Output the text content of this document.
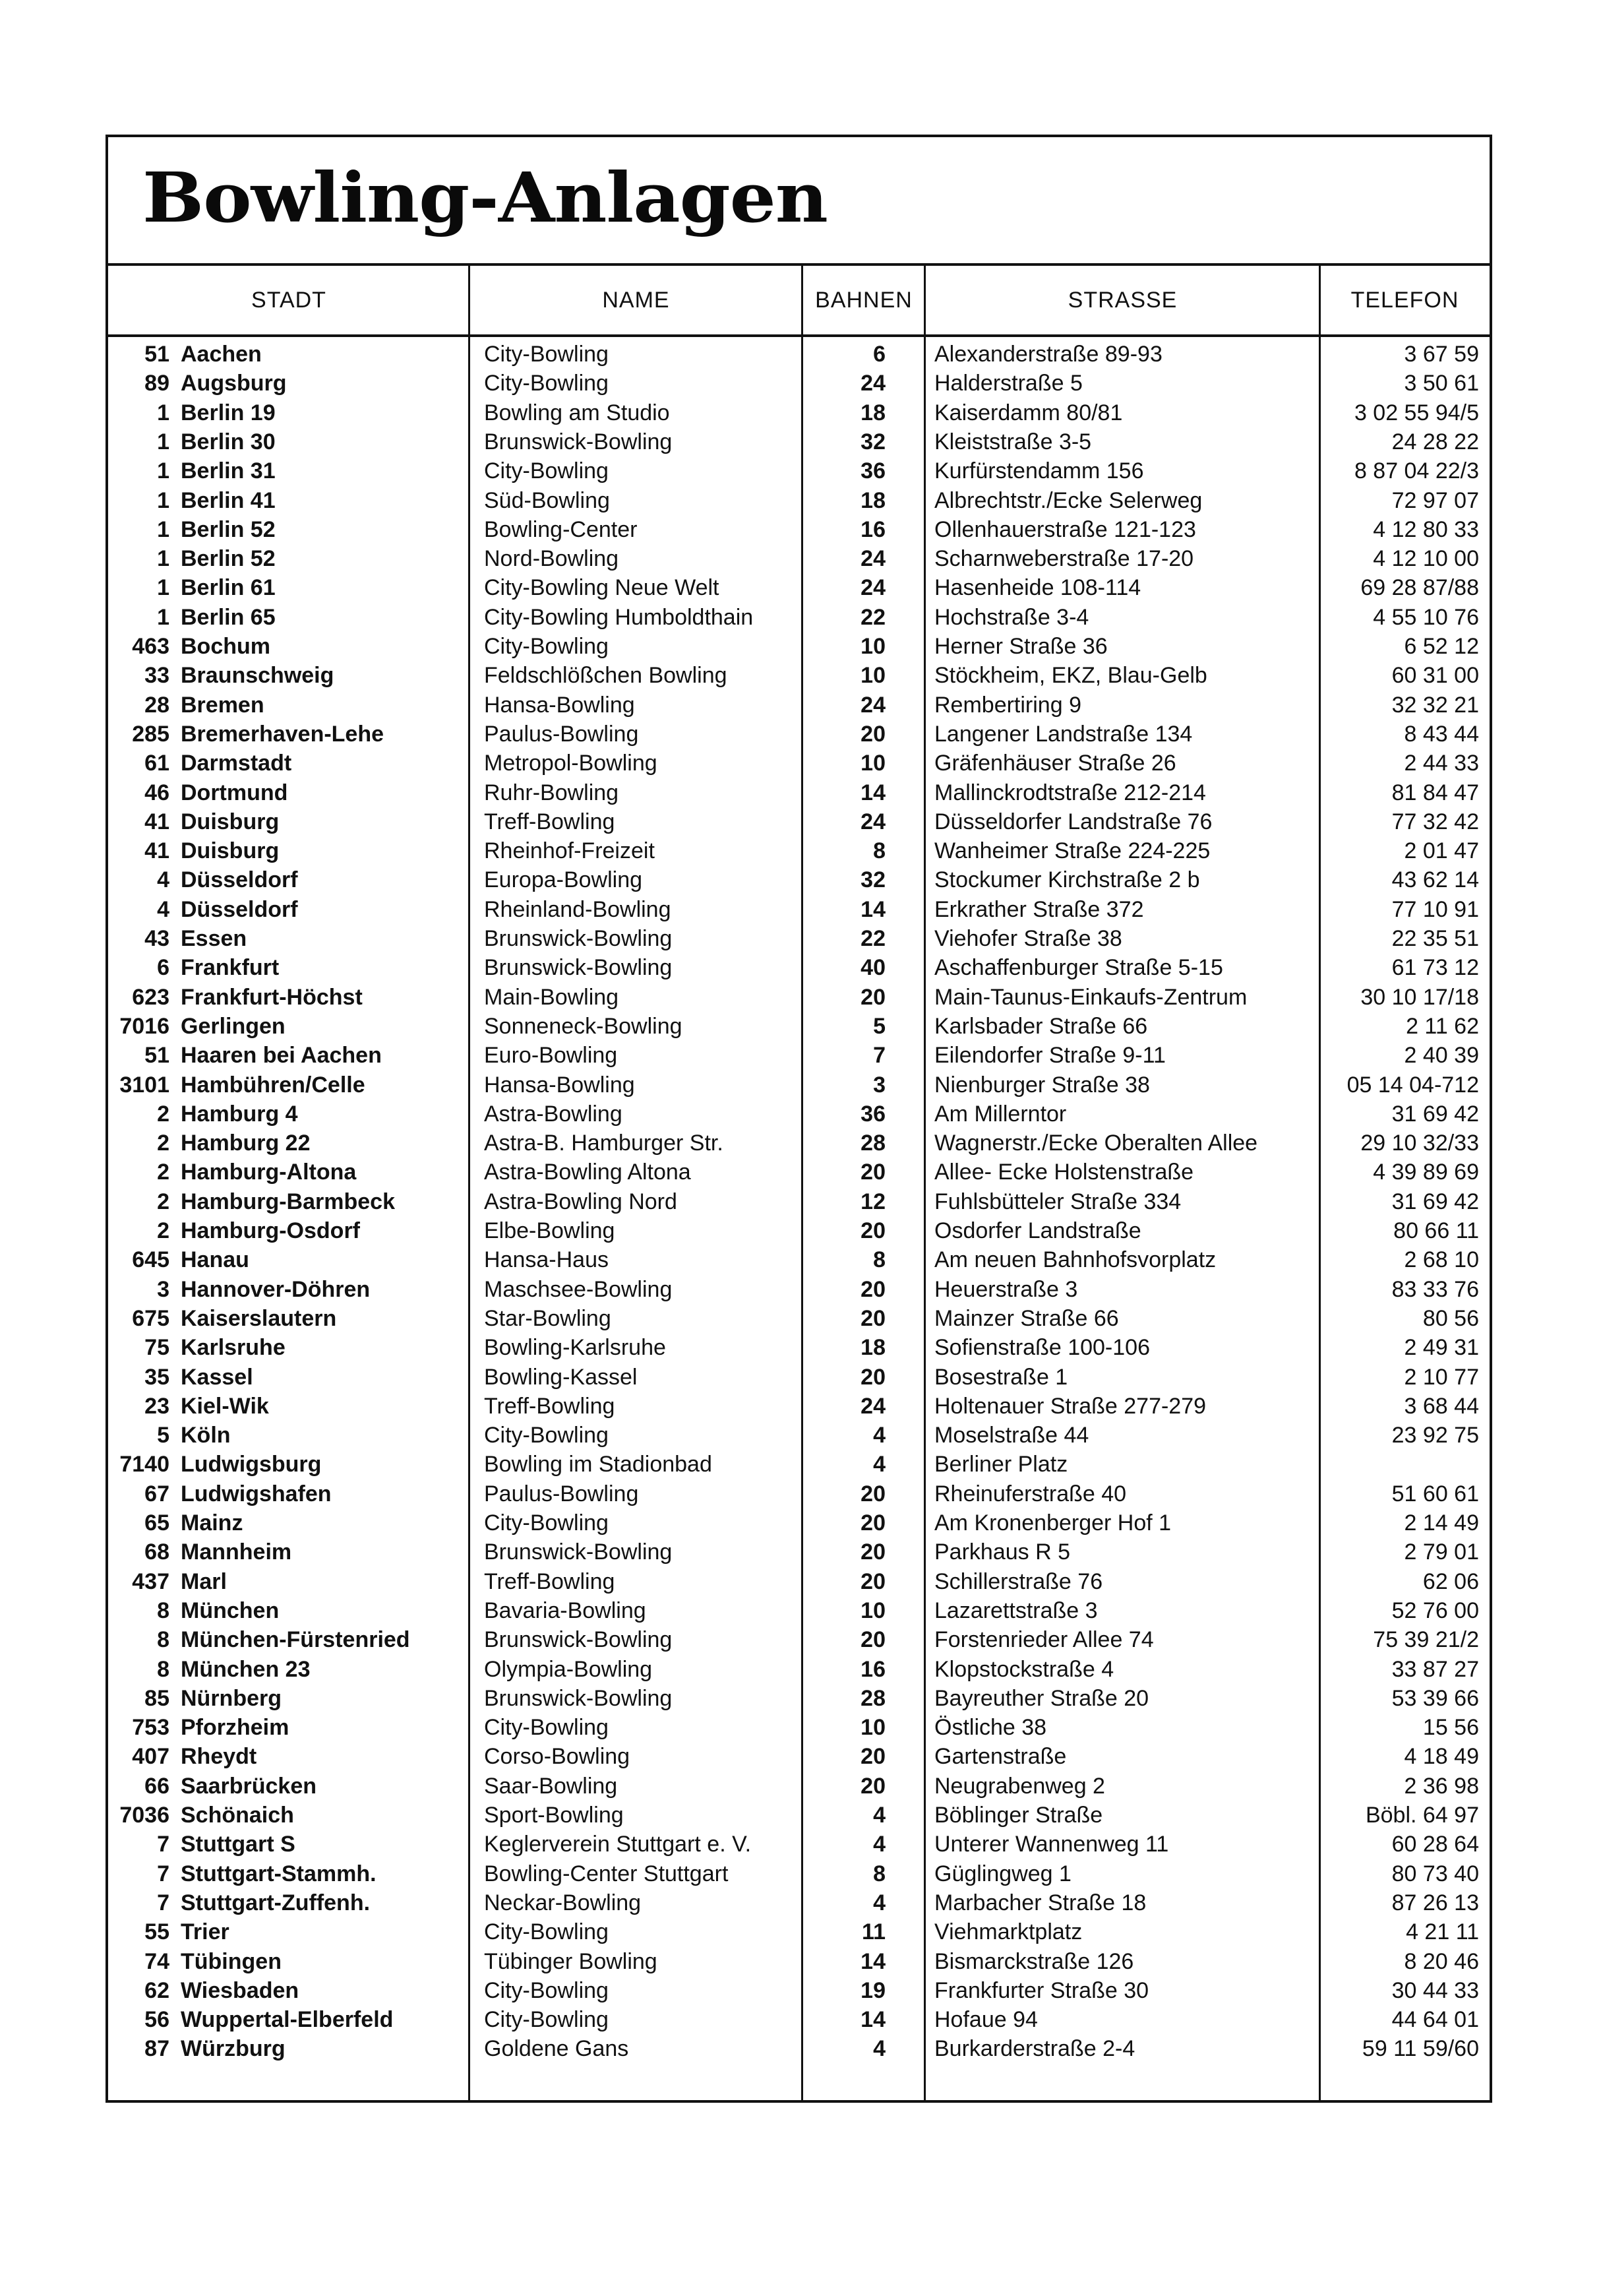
Bowling-Anlagen
STADT	NAME	BAHNEN	STRASSE	TELEFON
51 Aachen	City-Bowling	6 Alexanderstraße 89-93	3 67 59
89 Augsburg	City-Bowling	24 Halderstraße 5	3 50 61
1 Berlin 19	Bowling am Studio	18 Kaiserdamm 80/81	3 02 55 94/5
1 Berlin 30	Brunswick-Bowling	32 Kleiststraße 3-5	24 28 22
1 Berlin 31	City-Bowling	36 Kurfürstendamm 156	8 87 04 22/3
1 Berlin 41	Süd-Bowling	18 Albrechtstr./Ecke Selerweg	72 97 07
1 Berlin 52	Bowling-Center	16 Ollenhauerstraße 121-123	4 12 80 33
1 Berlin 52	Nord-Bowling	24 Scharnweberstraße 17-20	4 12 10 00
1 Berlin 61	City-Bowling Neue Welt	24 Hasenheide 108-114	69 28 87/88
1 Berlin 65	City-Bowling Humboldthain	22 Hochstraße 3-4	4 55 10 76
463 Bochum	City-Bowling	10 Herner Straße 36	6 52 12
33 Braunschweig	Feldschlößchen Bowling	10 Stöckheim, EKZ, Blau-Gelb	60 31 00
28 Bremen	Hansa-Bowling	24 Rembertiring 9	32 32 21
285 Bremerhaven-Lehe	Paulus-Bowling	20 Langener Landstraße 134	8 43 44
61 Darmstadt	Metropol-Bowling	10 Gräfenhäuser Straße 26	2 44 33
46 Dortmund	Ruhr-Bowling	14 Mallinckrodtstraße 212-214	81 84 47
41 Duisburg	Treff-Bowling	24 Düsseldorfer Landstraße 76	77 32 42
41 Duisburg	Rheinhof-Freizeit	8 Wanheimer Straße 224-225	2 01 47
4 Düsseldorf	Europa-Bowling	32 Stockumer Kirchstraße 2 b	43 62 14
4 Düsseldorf	Rheinland-Bowling	14 Erkrather Straße 372	77 10 91
43 Essen	Brunswick-Bowling	22 Viehofer Straße 38	22 35 51
6 Frankfurt	Brunswick-Bowling	40 Aschaffenburger Straße 5-15	61 73 12
623 Frankfurt-Höchst	Main-Bowling	20 Main-Taunus-Einkaufs-Zentrum	30 10 17/18
7016 Gerlingen	Sonneneck-Bowling	5 Karlsbader Straße 66	2 11 62
51 Haaren bei Aachen	Euro-Bowling	7 Eilendorfer Straße 9-11	2 40 39
3101 Hambühren/Celle	Hansa-Bowling	3 Nienburger Straße 38	05 14 04-712
2 Hamburg 4	Astra-Bowling	36 Am Millerntor	31 69 42
2 Hamburg 22	Astra-B. Hamburger Str.	28 Wagnerstr./Ecke Oberalten Allee	29 10 32/33
2 Hamburg-Altona	Astra-Bowling Altona	20 Allee- Ecke Holstenstraße	4 39 89 69
2 Hamburg-Barmbeck	Astra-Bowling Nord	12 Fuhlsbütteler Straße 334	31 69 42
2 Hamburg-Osdorf	Elbe-Bowling	20 Osdorfer Landstraße	80 66 11
645 Hanau	Hansa-Haus	8 Am neuen Bahnhofsvorplatz	2 68 10
3 Hannover-Döhren	Maschsee-Bowling	20 Heuerstraße 3	83 33 76
675 Kaiserslautern	Star-Bowling	20 Mainzer Straße 66	80 56
75 Karlsruhe	Bowling-Karlsruhe	18 Sofienstraße 100-106	2 49 31
35 Kassel	Bowling-Kassel	20 Bosestraße 1	2 10 77
23 Kiel-Wik	Treff-Bowling	24 Holtenauer Straße 277-279	3 68 44
5 Köln	City-Bowling	4 Moselstraße 44	23 92 75
7140 Ludwigsburg	Bowling im Stadionbad	4 Berliner Platz
67 Ludwigshafen	Paulus-Bowling	20 Rheinuferstraße 40	51 60 61
65 Mainz	City-Bowling	20 Am Kronenberger Hof 1	2 14 49
68 Mannheim	Brunswick-Bowling	20 Parkhaus R 5	2 79 01
437 Marl	Treff-Bowling	20 Schillerstraße 76	62 06
8 München	Bavaria-Bowling	10 Lazarettstraße 3	52 76 00
8 München-Fürstenried	Brunswick-Bowling	20 Forstenrieder Allee 74	75 39 21/2
8 München 23	Olympia-Bowling	16 Klopstockstraße 4	33 87 27
85 Nürnberg	Brunswick-Bowling	28 Bayreuther Straße 20	53 39 66
753 Pforzheim	City-Bowling	10 Östliche 38	15 56
407 Rheydt	Corso-Bowling	20 Gartenstraße	4 18 49
66 Saarbrücken	Saar-Bowling	20 Neugrabenweg 2	2 36 98
7036 Schönaich	Sport-Bowling	4 Böblinger Straße	Böbl. 64 97
7 Stuttgart S	Keglerverein Stuttgart e. V.	4 Unterer Wannenweg 11	60 28 64
7 Stuttgart-Stammh.	Bowling-Center Stuttgart	8 Güglingweg 1	80 73 40
7 Stuttgart-Zuffenh.	Neckar-Bowling	4 Marbacher Straße 18	87 26 13
55 Trier	City-Bowling	11 Viehmarktplatz	4 21 11
74 Tübingen	Tübinger Bowling	14 Bismarckstraße 126	8 20 46
62 Wiesbaden	City-Bowling	19 Frankfurter Straße 30	30 44 33
56 Wuppertal-Elberfeld	City-Bowling	14 Hofaue 94	44 64 01
87 Würzburg	Goldene Gans	4 Burkarderstraße 2-4	59 11 59/60
